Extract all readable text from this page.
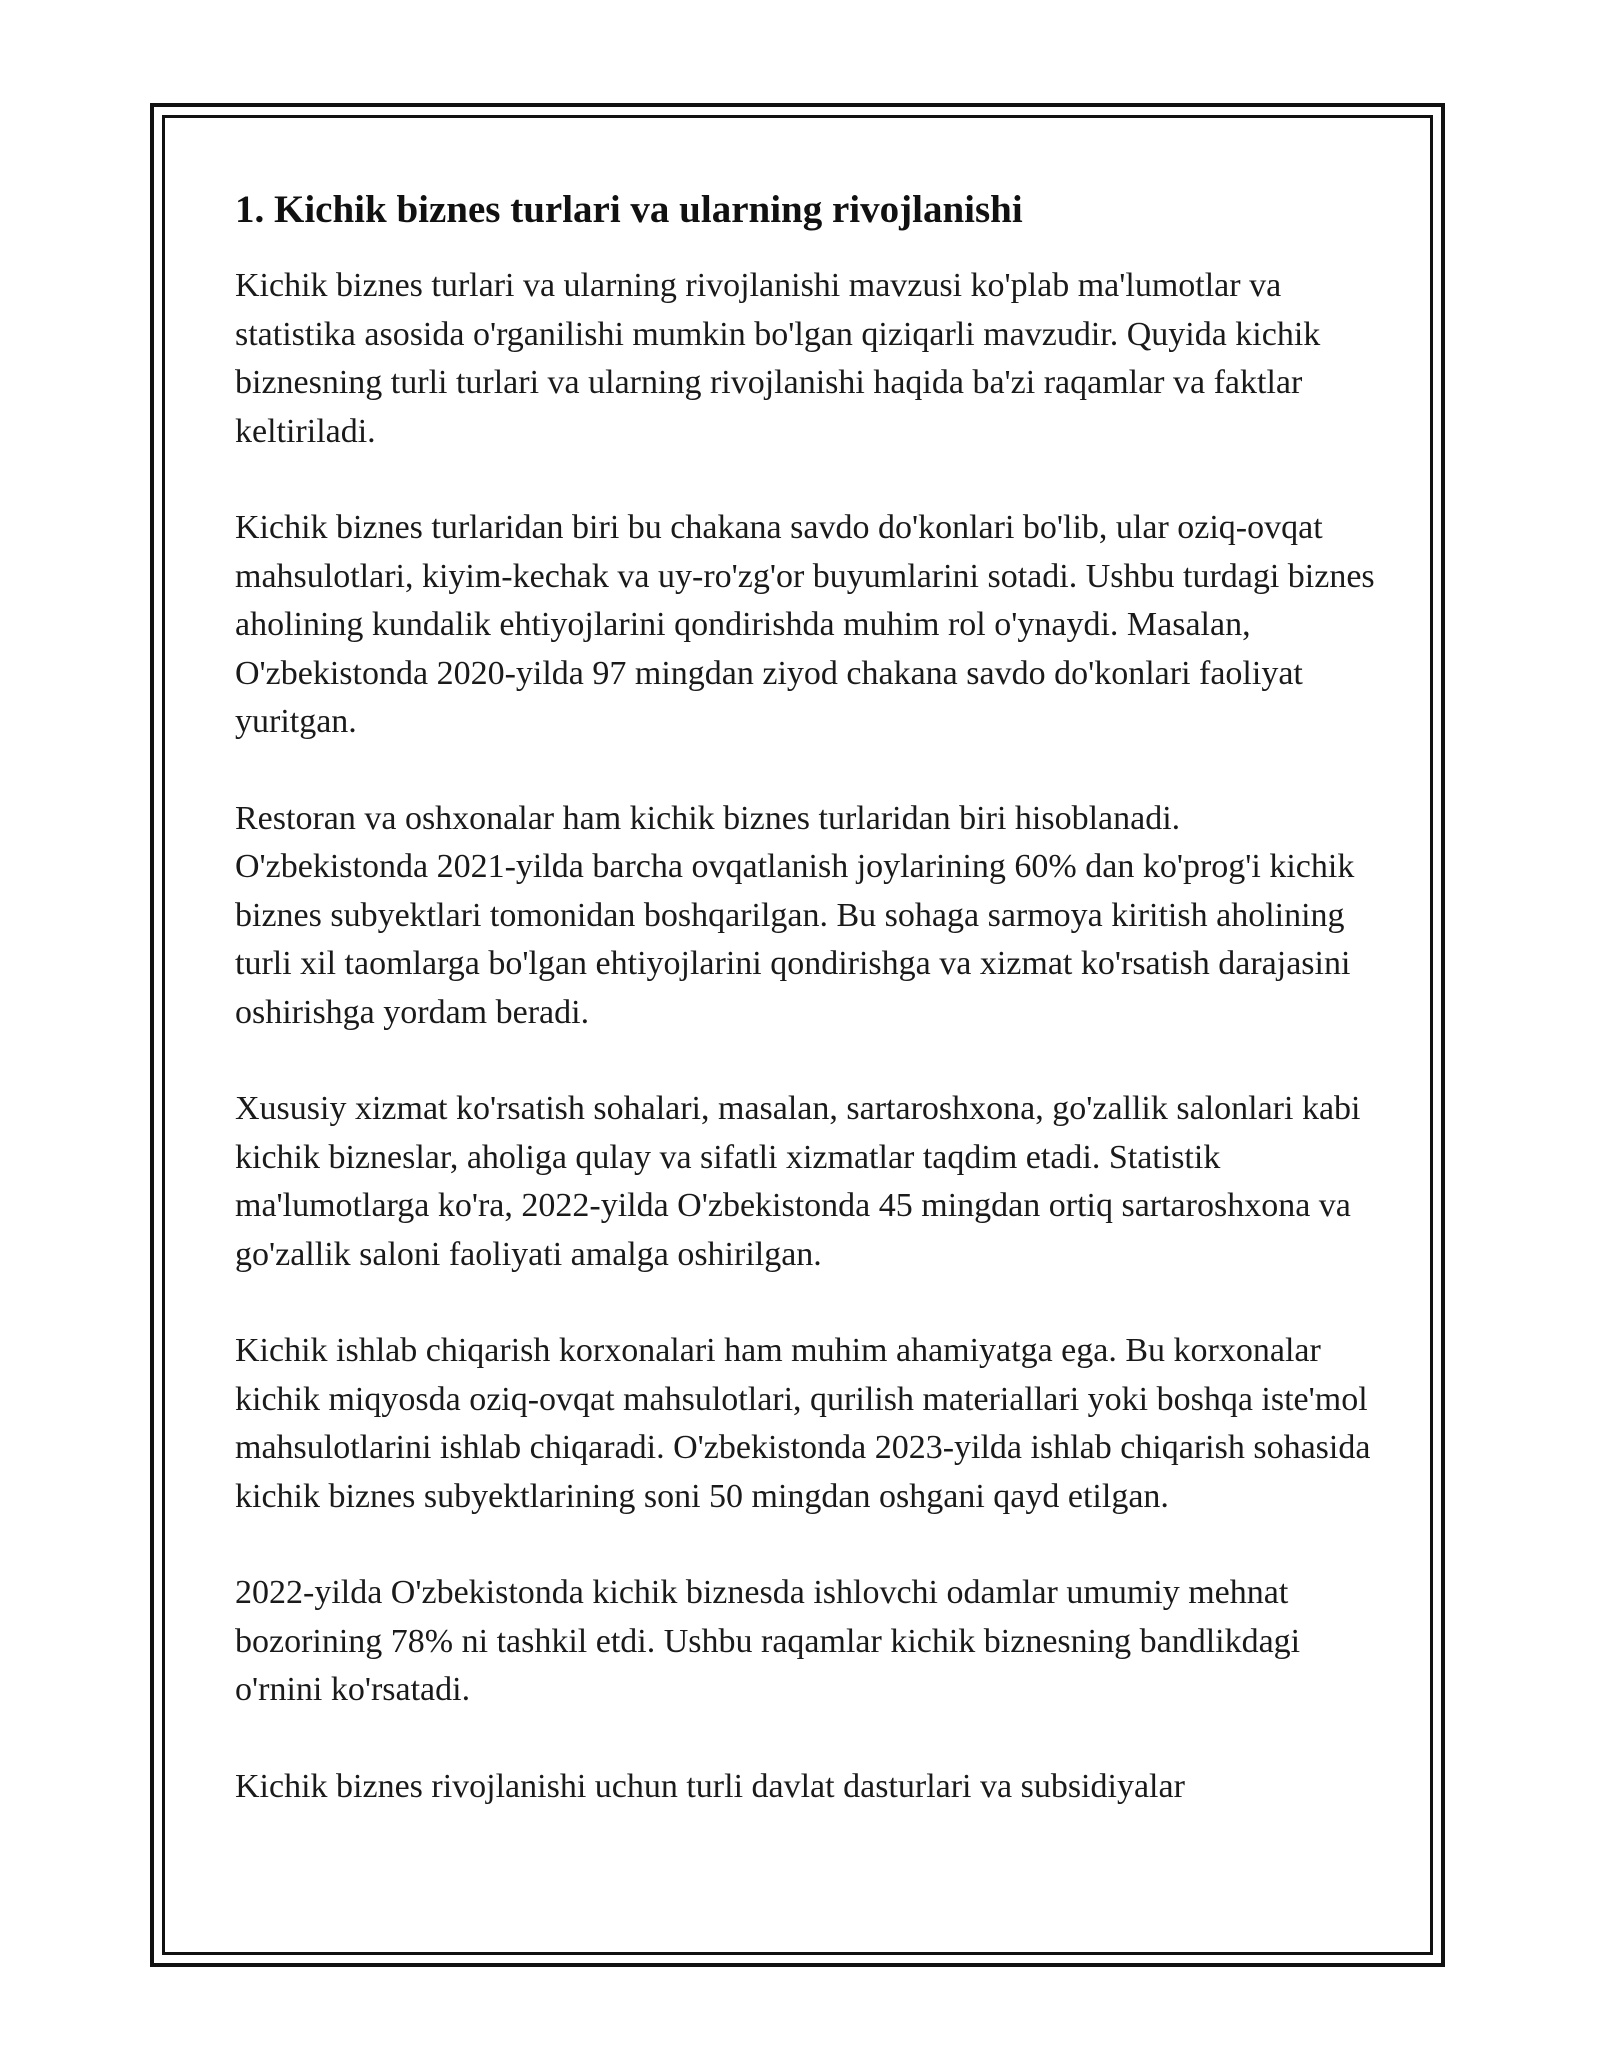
1. Kichik biznes turlari va ularning rivojlanishi

Kichik biznes turlari va ularning rivojlanishi mavzusi ko'plab ma'lumotlar va statistika asosida o'rganilishi mumkin bo'lgan qiziqarli mavzudir. Quyida kichik biznesning turli turlari va ularning rivojlanishi haqida ba'zi raqamlar va faktlar keltiriladi.

Kichik biznes turlaridan biri bu chakana savdo do'konlari bo'lib, ular oziq-ovqat mahsulotlari, kiyim-kechak va uy-ro'zg'or buyumlarini sotadi. Ushbu turdagi biznes aholining kundalik ehtiyojlarini qondirishda muhim rol o'ynaydi. Masalan, O'zbekistonda 2020-yilda 97 mingdan ziyod chakana savdo do'konlari faoliyat yuritgan.

Restoran va oshxonalar ham kichik biznes turlaridan biri hisoblanadi. O'zbekistonda 2021-yilda barcha ovqatlanish joylarining 60% dan ko'prog'i kichik biznes subyektlari tomonidan boshqarilgan. Bu sohaga sarmoya kiritish aholining turli xil taomlarga bo'lgan ehtiyojlarini qondirishga va xizmat ko'rsatish darajasini oshirishga yordam beradi.

Xususiy xizmat ko'rsatish sohalari, masalan, sartaroshxona, go'zallik salonlari kabi kichik bizneslar, aholiga qulay va sifatli xizmatlar taqdim etadi. Statistik ma'lumotlarga ko'ra, 2022-yilda O'zbekistonda 45 mingdan ortiq sartaroshxona va go'zallik saloni faoliyati amalga oshirilgan.

Kichik ishlab chiqarish korxonalari ham muhim ahamiyatga ega. Bu korxonalar kichik miqyosda oziq-ovqat mahsulotlari, qurilish materiallari yoki boshqa iste'mol mahsulotlarini ishlab chiqaradi. O'zbekistonda 2023-yilda ishlab chiqarish sohasida kichik biznes subyektlarining soni 50 mingdan oshgani qayd etilgan.

2022-yilda O'zbekistonda kichik biznesda ishlovchi odamlar umumiy mehnat bozorining 78% ni tashkil etdi. Ushbu raqamlar kichik biznesning bandlikdagi o'rnini ko'rsatadi.

Kichik biznes rivojlanishi uchun turli davlat dasturlari va subsidiyalar
